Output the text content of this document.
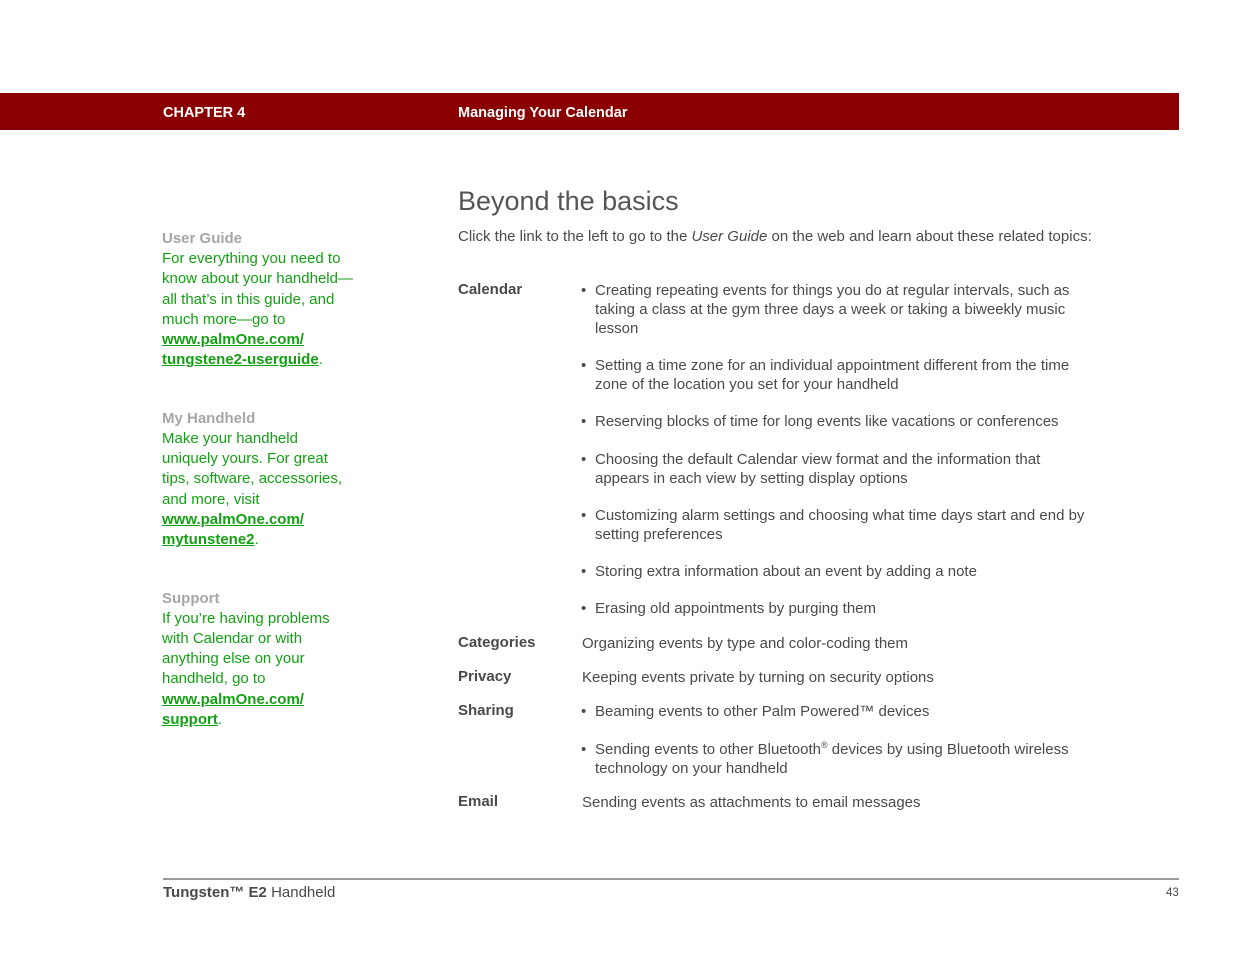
CHAPTER 4	Managing Your Calendar
User Guide
For everything you need to
know about your handheld—
all that’s in this guide, and
much more—go to
www.palmOne.com/
tungstene2-userguide.
My Handheld
Make your handheld
uniquely yours. For great
tips, software, accessories,
and more, visit
www.palmOne.com/
mytunstene2.
Support
If you’re having problems
with Calendar or with
anything else on your
handheld, go to
www.palmOne.com/
support.
Beyond the basics
Click the link to the left to go to the User Guide on the web and learn about these related topics:
Calendar	• Creating repeating events for things you do at regular intervals, such as
taking a class at the gym three days a week or taking a biweekly music
lesson
• Setting a time zone for an individual appointment different from the time
zone of the location you set for your handheld
• Reserving blocks of time for long events like vacations or conferences
• Choosing the default Calendar view format and the information that
appears in each view by setting display options
• Customizing alarm settings and choosing what time days start and end by
setting preferences
• Storing extra information about an event by adding a note
• Erasing old appointments by purging them
Categories	Organizing events by type and color-coding them
Privacy	Keeping events private by turning on security options
Sharing	• Beaming events to other Palm Powered™ devices
• Sending events to other Bluetooth® devices by using Bluetooth wireless
technology on your handheld
Email	Sending events as attachments to email messages
Tungsten™ E2 Handheld	43
